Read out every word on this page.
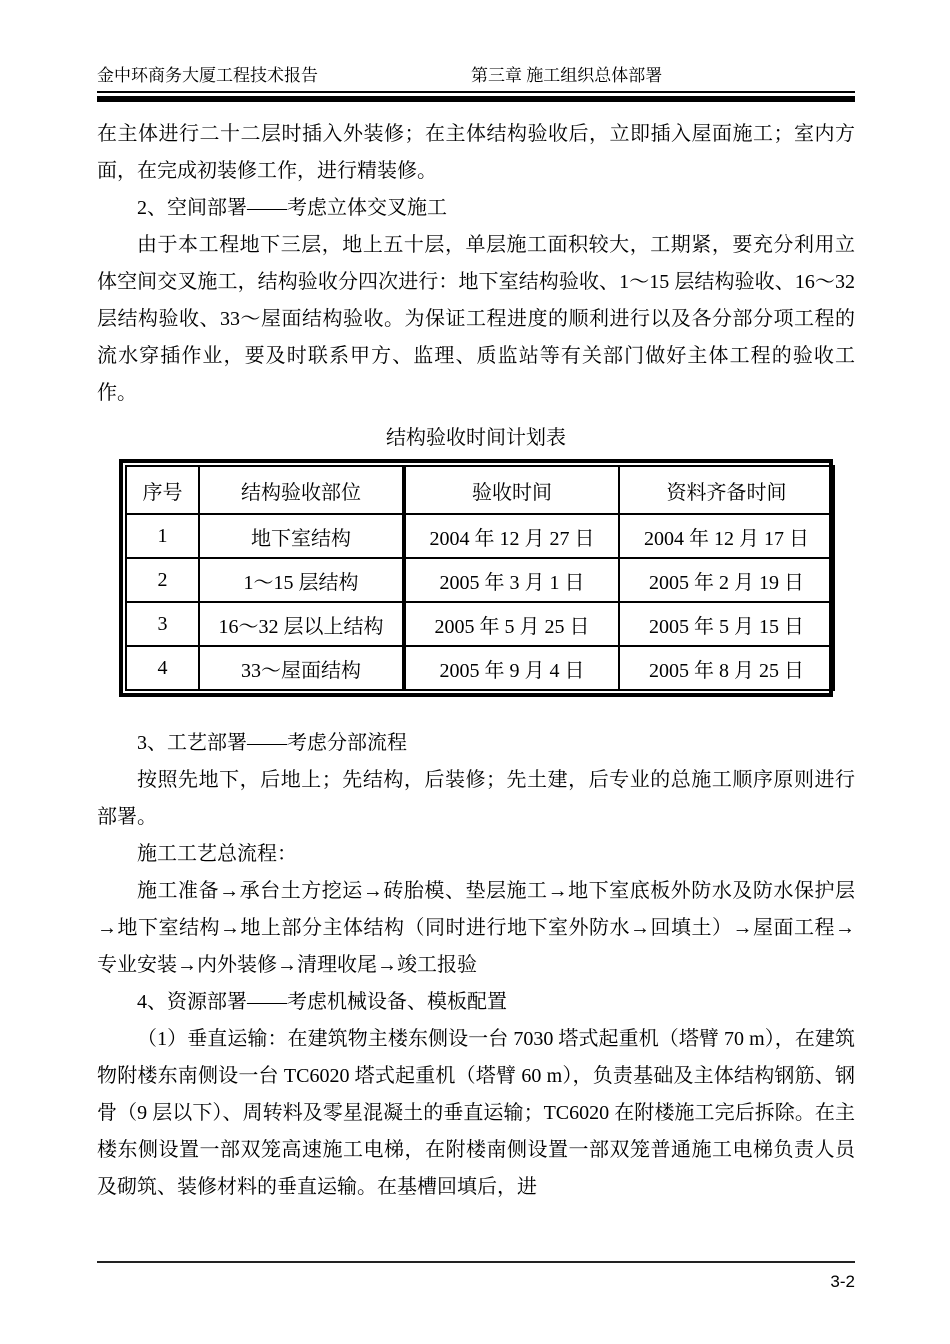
金中环商务大厦工程技术报告	第三章 施工组织总体部署

在主体进行二十二层时插入外装修；在主体结构验收后，立即插入屋面施工；室内方面，在完成初装修工作，进行精装修。

2、空间部署——考虑立体交叉施工

由于本工程地下三层，地上五十层，单层施工面积较大，工期紧，要充分利用立体空间交叉施工，结构验收分四次进行：地下室结构验收、1～15 层结构验收、16～32 层结构验收、33～屋面结构验收。为保证工程进度的顺利进行以及各分部分项工程的流水穿插作业，要及时联系甲方、监理、质监站等有关部门做好主体工程的验收工作。

结构验收时间计划表
序号	结构验收部位	验收时间	资料齐备时间
1	地下室结构	2004 年 12 月 27 日	2004 年 12 月 17 日
2	1～15 层结构	2005 年 3 月 1 日	2005 年 2 月 19 日
3	16～32 层以上结构	2005 年 5 月 25 日	2005 年 5 月 15 日
4	33～屋面结构	2005 年 9 月 4 日	2005 年 8 月 25 日

3、工艺部署——考虑分部流程

按照先地下，后地上；先结构，后装修；先土建，后专业的总施工顺序原则进行部署。

施工工艺总流程：

施工准备→承台土方挖运→砖胎模、垫层施工→地下室底板外防水及防水保护层→地下室结构→地上部分主体结构（同时进行地下室外防水→回填土）→屋面工程→专业安装→内外装修→清理收尾→竣工报验

4、资源部署——考虑机械设备、模板配置

（1）垂直运输：在建筑物主楼东侧设一台 7030 塔式起重机（塔臂 70 m），在建筑物附楼东南侧设一台 TC6020 塔式起重机（塔臂 60 m），负责基础及主体结构钢筋、钢骨（9 层以下）、周转料及零星混凝土的垂直运输；TC6020 在附楼施工完后拆除。在主楼东侧设置一部双笼高速施工电梯，在附楼南侧设置一部双笼普通施工电梯负责人员及砌筑、装修材料的垂直运输。在基槽回填后，进

3-2
